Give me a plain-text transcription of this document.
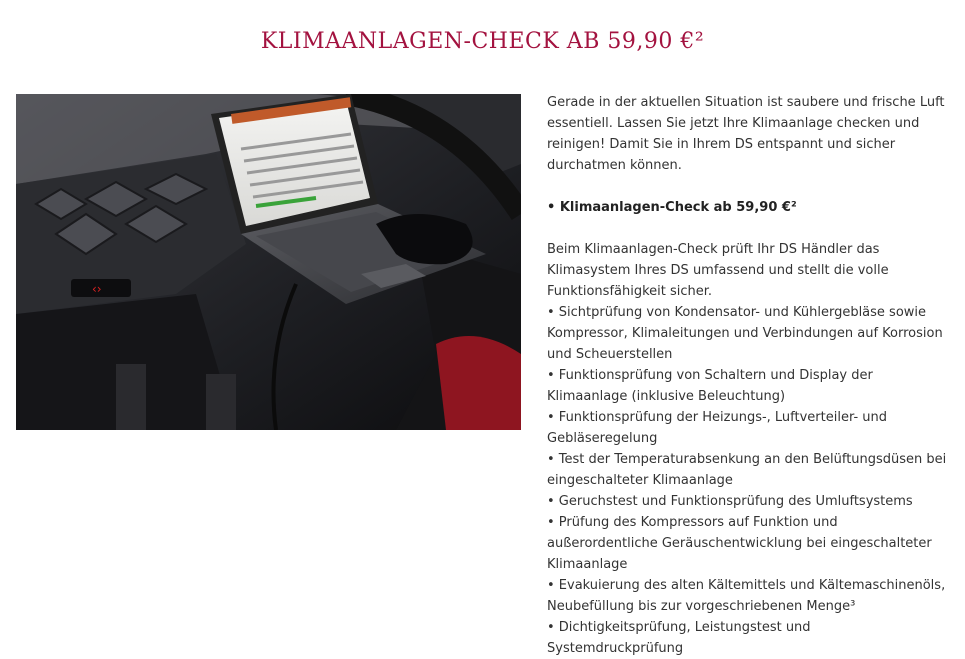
KLIMAANLAGEN-CHECK AB 59,90 €²
‹›

Gerade in der aktuellen Situation ist saubere und frische Luft essentiell. Lassen Sie jetzt Ihre Klimaanlage checken und reinigen! Damit Sie in Ihrem DS entspannt und sicher durchatmen können.

• Klimaanlagen-Check ab 59,90 €²

Beim Klimaanlagen-Check prüft Ihr DS Händler das Klimasystem Ihres DS umfassend und stellt die volle Funktionsfähigkeit sicher.

• Sichtprüfung von Kondensator- und Kühlergebläse sowie Kompressor, Klimaleitungen und Verbindungen auf Korrosion und Scheuerstellen

• Funktionsprüfung von Schaltern und Display der Klimaanlage (inklusive Beleuchtung)

• Funktionsprüfung der Heizungs-, Luftverteiler- und Gebläseregelung

• Test der Temperaturabsenkung an den Belüftungsdüsen bei eingeschalteter Klimaanlage

• Geruchstest und Funktionsprüfung des Umluftsystems

• Prüfung des Kompressors auf Funktion und außerordentliche Geräuschentwicklung bei eingeschalteter Klimaanlage

• Evakuierung des alten Kältemittels und Kältemaschinenöls, Neubefüllung bis zur vorgeschriebenen Menge³

• Dichtigkeitsprüfung, Leistungstest und Systemdruckprüfung
